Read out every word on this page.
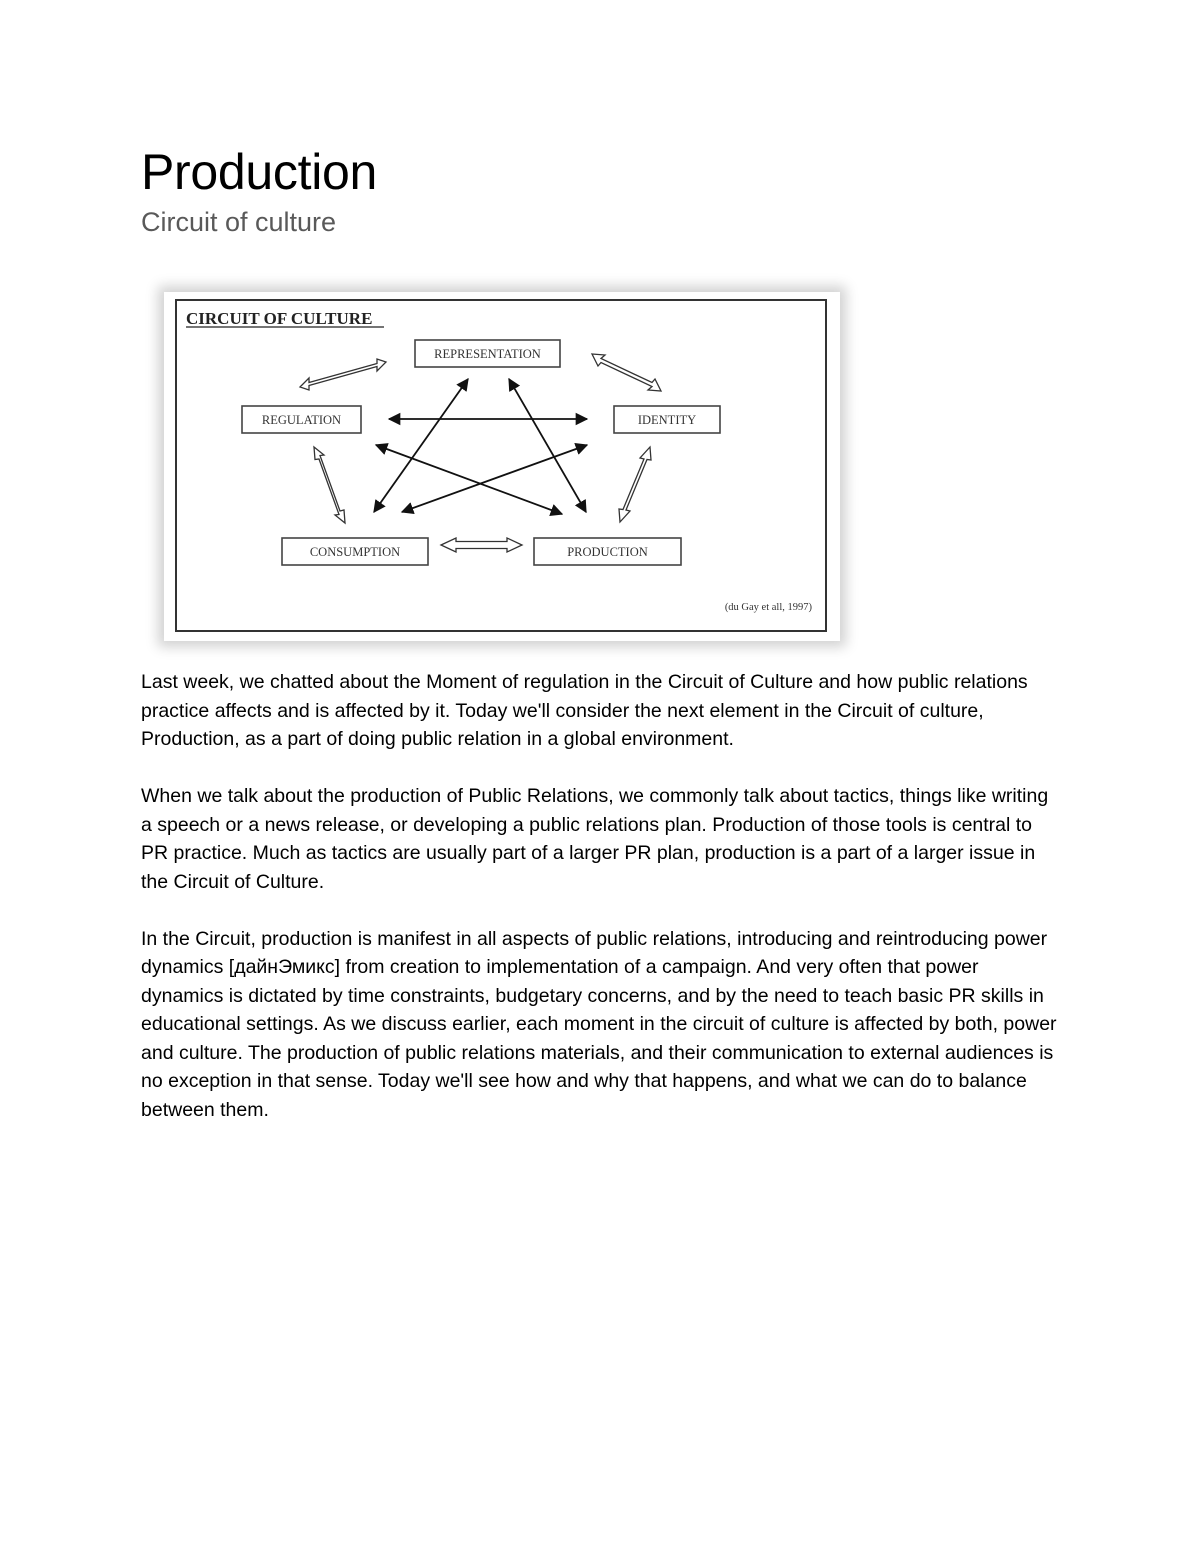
Production
Circuit of culture
CIRCUIT OF CULTURE
REPRESENTATION
REGULATION	IDENTITY
CONSUMPTION	PRODUCTION
(du Gay et all, 1997)

Last week, we chatted about the Moment of regulation in the Circuit of Culture and how public relations practice affects and is affected by it. Today we'll consider the next element in the Circuit of culture, Production, as a part of doing public relation in a global environment.

When we talk about the production of Public Relations, we commonly talk about tactics, things like writing a speech or a news release, or developing a public relations plan. Production of those tools is central to PR practice. Much as tactics are usually part of a larger PR plan, production is a part of a larger issue in the Circuit of Culture.

In the Circuit, production is manifest in all aspects of public relations, introducing and reintroducing power dynamics [дайнЭмикс] from creation to implementation of a campaign. And very often that power dynamics is dictated by time constraints, budgetary concerns, and by the need to teach basic PR skills in educational settings. As we discuss earlier, each moment in the circuit of culture is affected by both, power and culture. The production of public relations materials, and their communication to external audiences is no exception in that sense. Today we'll see how and why that happens, and what we can do to balance between them.
